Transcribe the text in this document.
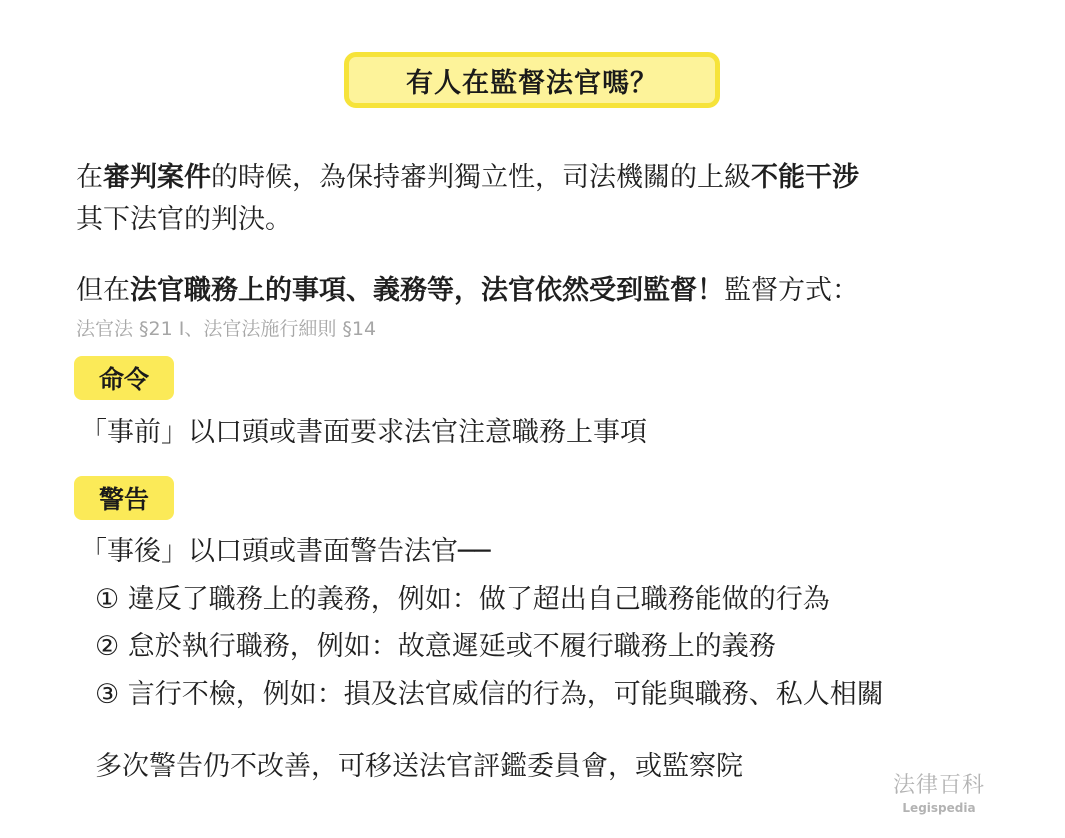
有人在監督法官嗎？
在審判案件的時候，為保持審判獨立性，司法機關的上級不能干涉
其下法官的判決。
但在法官職務上的事項、義務等，法官依然受到監督！監督方式：
法官法 §21 I、法官法施行細則 §14
命令
「事前」以口頭或書面要求法官注意職務上事項
警告
「事後」以口頭或書面警告法官──
① 違反了職務上的義務，例如：做了超出自己職務能做的行為
② 怠於執行職務，例如：故意遲延或不履行職務上的義務
③ 言行不檢，例如：損及法官威信的行為，可能與職務、私人相關
多次警告仍不改善，可移送法官評鑑委員會，或監察院
法律百科
Legispedia
